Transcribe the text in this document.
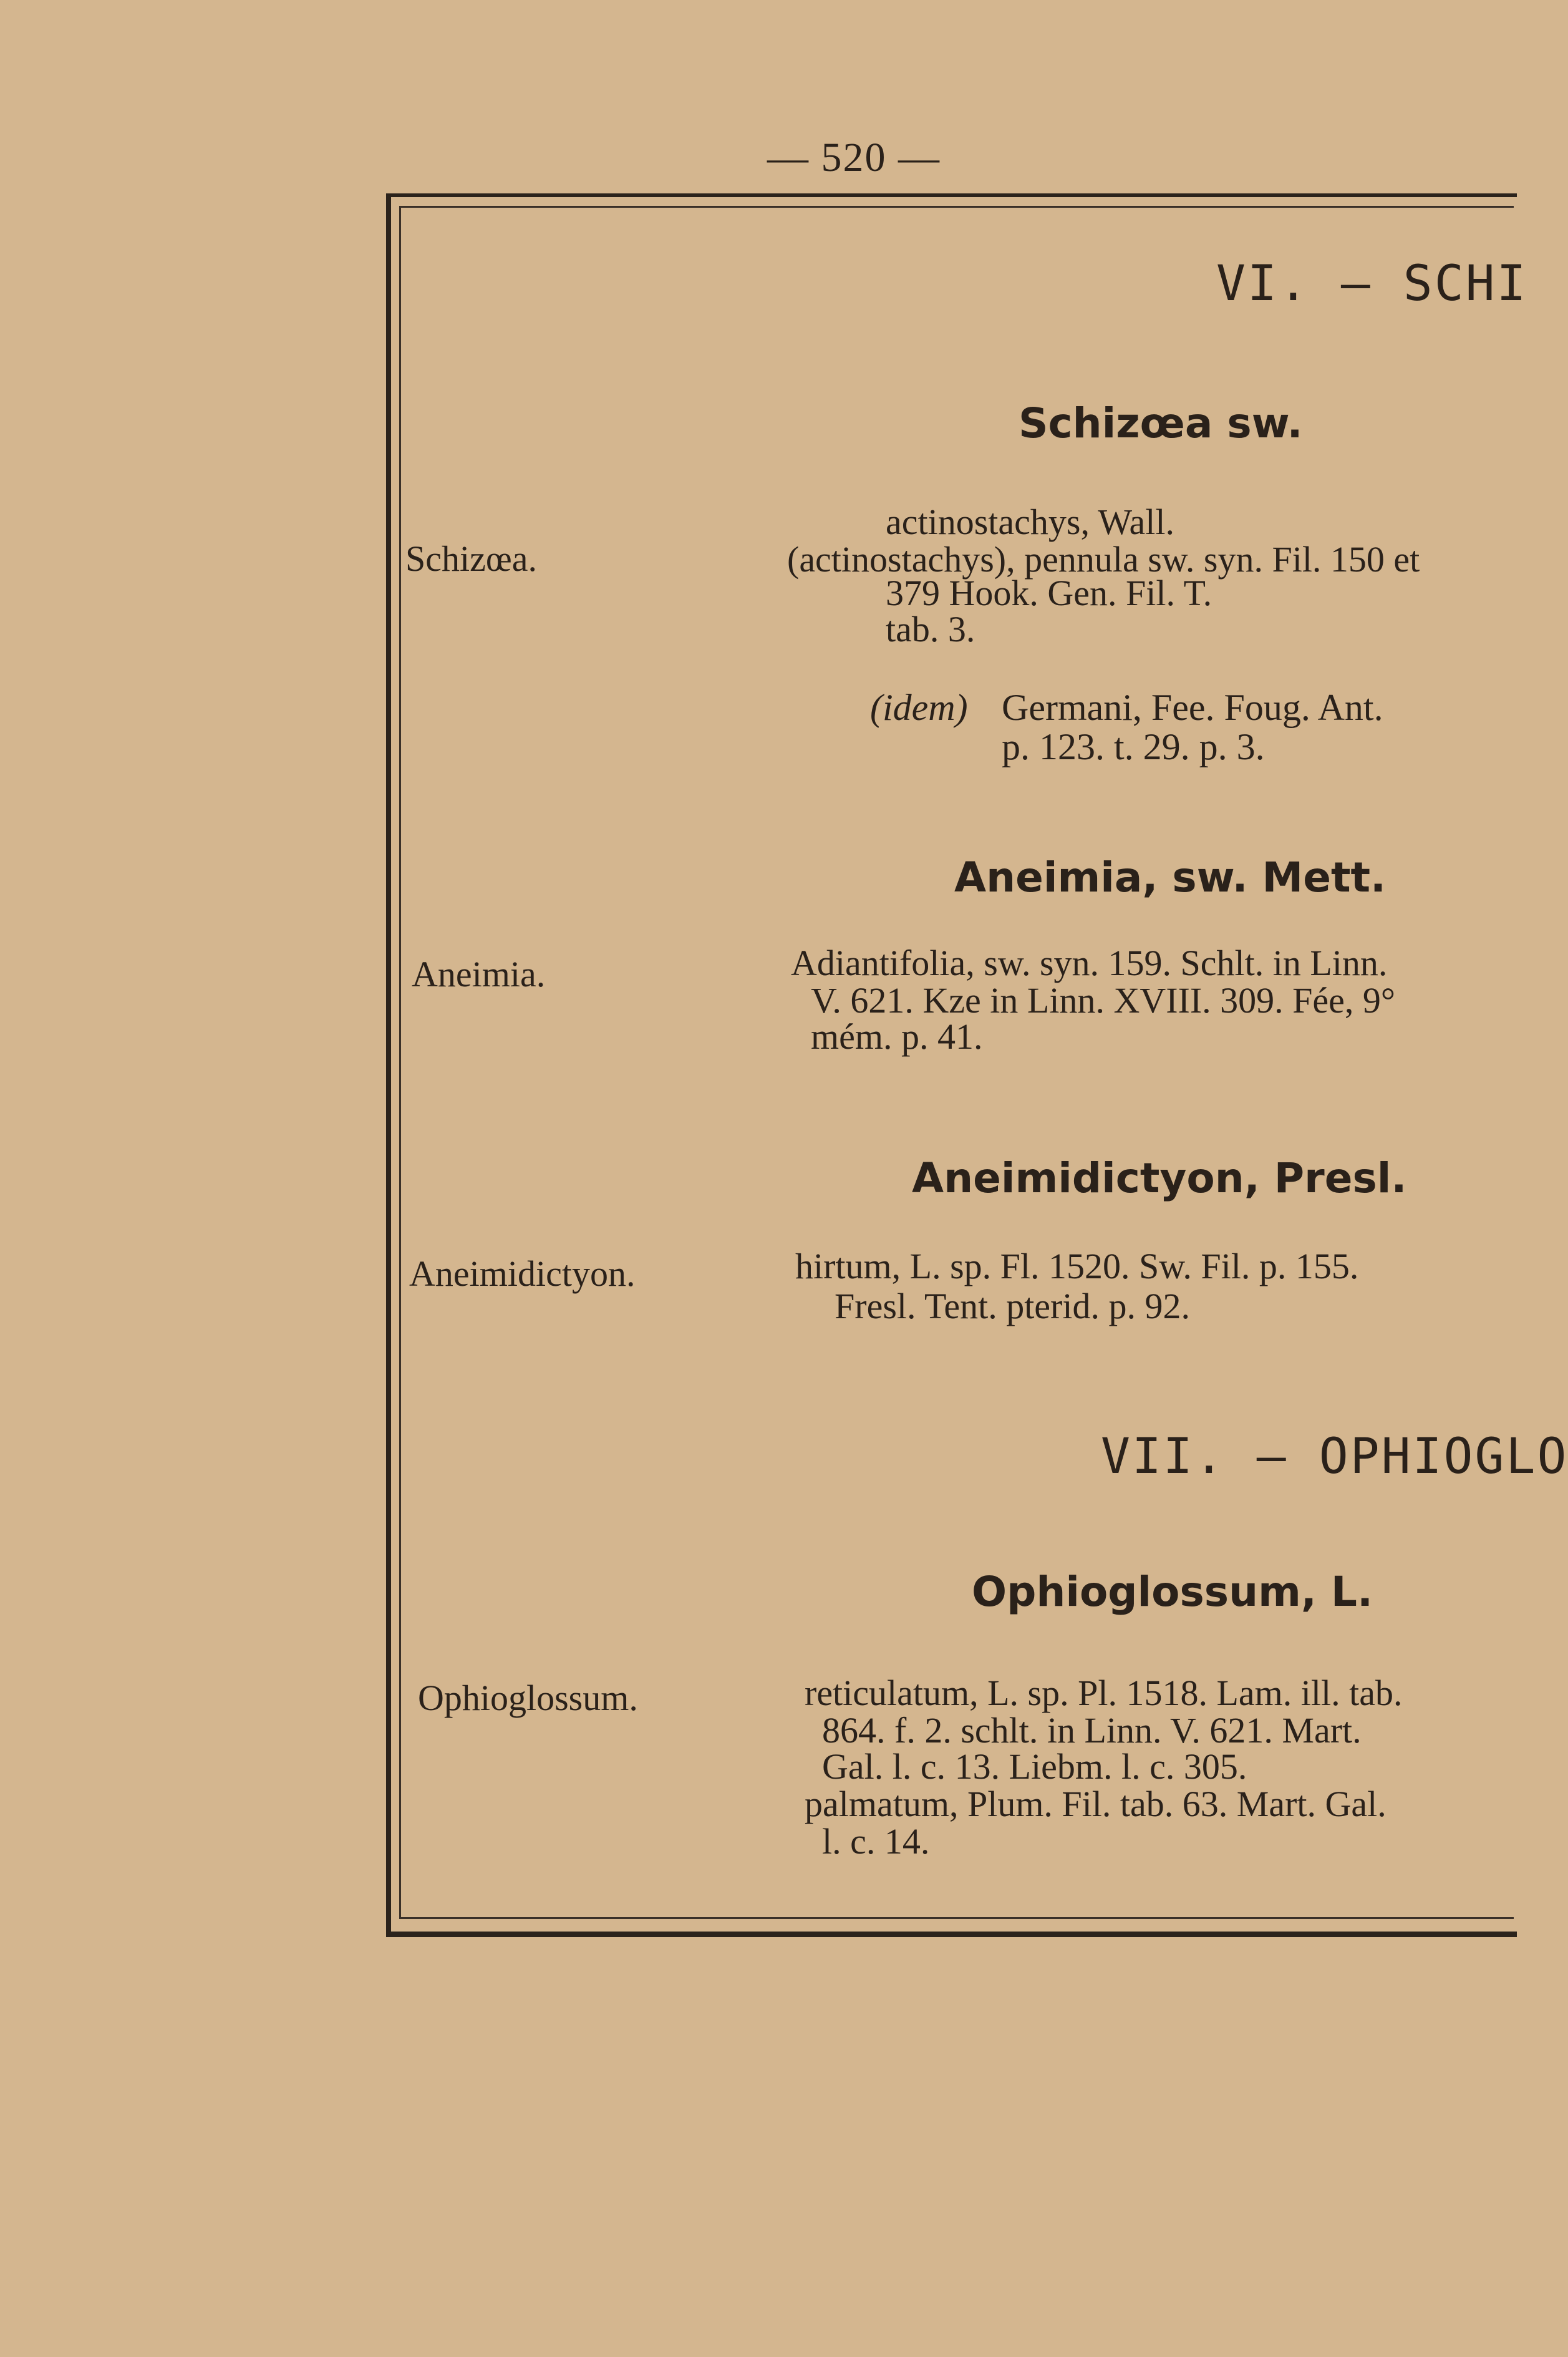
— 520 —
VI. — SCHI
Schizœa sw.
Schizœa.
actinostachys, Wall.
(actinostachys), pennula sw. syn. Fil. 150 et
379 Hook. Gen. Fil. T.
tab. 3.
(idem) Germani, Fee. Foug. Ant.
p. 123. t. 29. p. 3.
Aneimia, sw. Mett.
Aneimia.	Adiantifolia, sw. syn. 159. Schlt. in Linn.
V. 621. Kze in Linn. XVIII. 309. Fée, 9°
mém. p. 41.
Aneimidictyon, Presl.
Aneimidictyon.	hirtum, L. sp. Fl. 1520. Sw. Fil. p. 155.
Fresl. Tent. pterid. p. 92.
VII. — OPHIOGLO
Ophioglossum, L.
Ophioglossum.	reticulatum, L. sp. Pl. 1518. Lam. ill. tab.
864. f. 2. schlt. in Linn. V. 621. Mart.
Gal. l. c. 13. Liebm. l. c. 305.
palmatum, Plum. Fil. tab. 63. Mart. Gal.
l. c. 14.
